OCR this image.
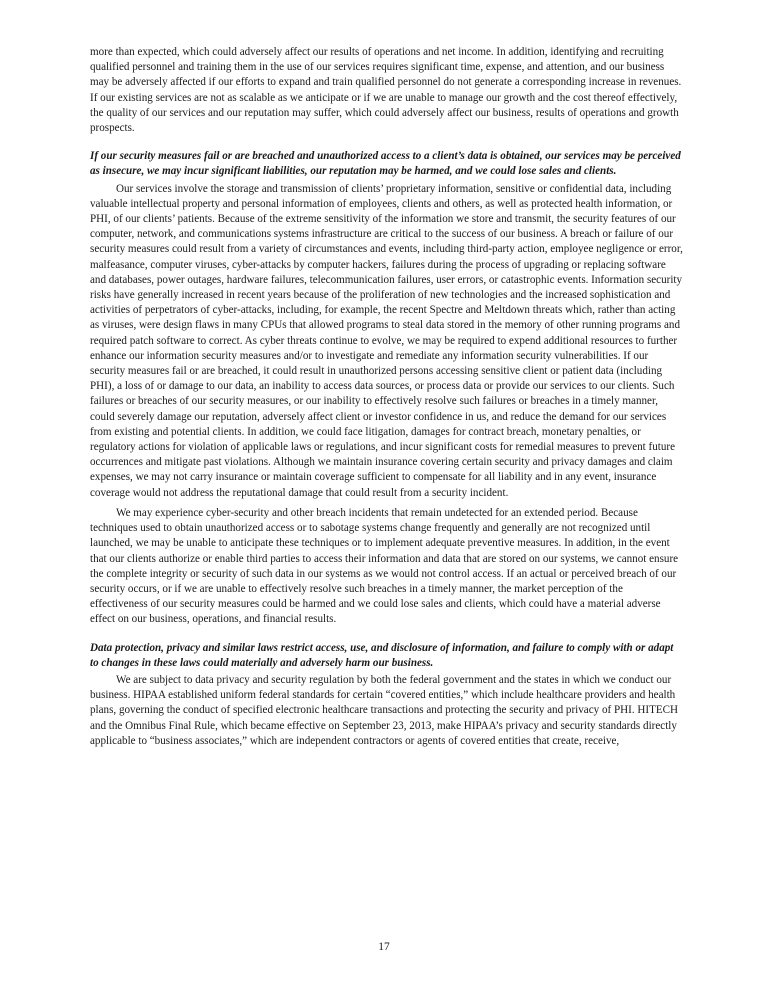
more than expected, which could adversely affect our results of operations and net income. In addition, identifying and recruiting qualified personnel and training them in the use of our services requires significant time, expense, and attention, and our business may be adversely affected if our efforts to expand and train qualified personnel do not generate a corresponding increase in revenues. If our existing services are not as scalable as we anticipate or if we are unable to manage our growth and the cost thereof effectively, the quality of our services and our reputation may suffer, which could adversely affect our business, results of operations and growth prospects.

If our security measures fail or are breached and unauthorized access to a client’s data is obtained, our services may be perceived as insecure, we may incur significant liabilities, our reputation may be harmed, and we could lose sales and clients.

Our services involve the storage and transmission of clients’ proprietary information, sensitive or confidential data, including valuable intellectual property and personal information of employees, clients and others, as well as protected health information, or PHI, of our clients’ patients. Because of the extreme sensitivity of the information we store and transmit, the security features of our computer, network, and communications systems infrastructure are critical to the success of our business. A breach or failure of our security measures could result from a variety of circumstances and events, including third-party action, employee negligence or error, malfeasance, computer viruses, cyber-attacks by computer hackers, failures during the process of upgrading or replacing software and databases, power outages, hardware failures, telecommunication failures, user errors, or catastrophic events. Information security risks have generally increased in recent years because of the proliferation of new technologies and the increased sophistication and activities of perpetrators of cyber-attacks, including, for example, the recent Spectre and Meltdown threats which, rather than acting as viruses, were design flaws in many CPUs that allowed programs to steal data stored in the memory of other running programs and required patch software to correct. As cyber threats continue to evolve, we may be required to expend additional resources to further enhance our information security measures and/or to investigate and remediate any information security vulnerabilities. If our security measures fail or are breached, it could result in unauthorized persons accessing sensitive client or patient data (including PHI), a loss of or damage to our data, an inability to access data sources, or process data or provide our services to our clients. Such failures or breaches of our security measures, or our inability to effectively resolve such failures or breaches in a timely manner, could severely damage our reputation, adversely affect client or investor confidence in us, and reduce the demand for our services from existing and potential clients. In addition, we could face litigation, damages for contract breach, monetary penalties, or regulatory actions for violation of applicable laws or regulations, and incur significant costs for remedial measures to prevent future occurrences and mitigate past violations. Although we maintain insurance covering certain security and privacy damages and claim expenses, we may not carry insurance or maintain coverage sufficient to compensate for all liability and in any event, insurance coverage would not address the reputational damage that could result from a security incident.

We may experience cyber-security and other breach incidents that remain undetected for an extended period. Because techniques used to obtain unauthorized access or to sabotage systems change frequently and generally are not recognized until launched, we may be unable to anticipate these techniques or to implement adequate preventive measures. In addition, in the event that our clients authorize or enable third parties to access their information and data that are stored on our systems, we cannot ensure the complete integrity or security of such data in our systems as we would not control access. If an actual or perceived breach of our security occurs, or if we are unable to effectively resolve such breaches in a timely manner, the market perception of the effectiveness of our security measures could be harmed and we could lose sales and clients, which could have a material adverse effect on our business, operations, and financial results.

Data protection, privacy and similar laws restrict access, use, and disclosure of information, and failure to comply with or adapt to changes in these laws could materially and adversely harm our business.

We are subject to data privacy and security regulation by both the federal government and the states in which we conduct our business. HIPAA established uniform federal standards for certain “covered entities,” which include healthcare providers and health plans, governing the conduct of specified electronic healthcare transactions and protecting the security and privacy of PHI. HITECH and the Omnibus Final Rule, which became effective on September 23, 2013, make HIPAA’s privacy and security standards directly applicable to “business associates,” which are independent contractors or agents of covered entities that create, receive,

17
